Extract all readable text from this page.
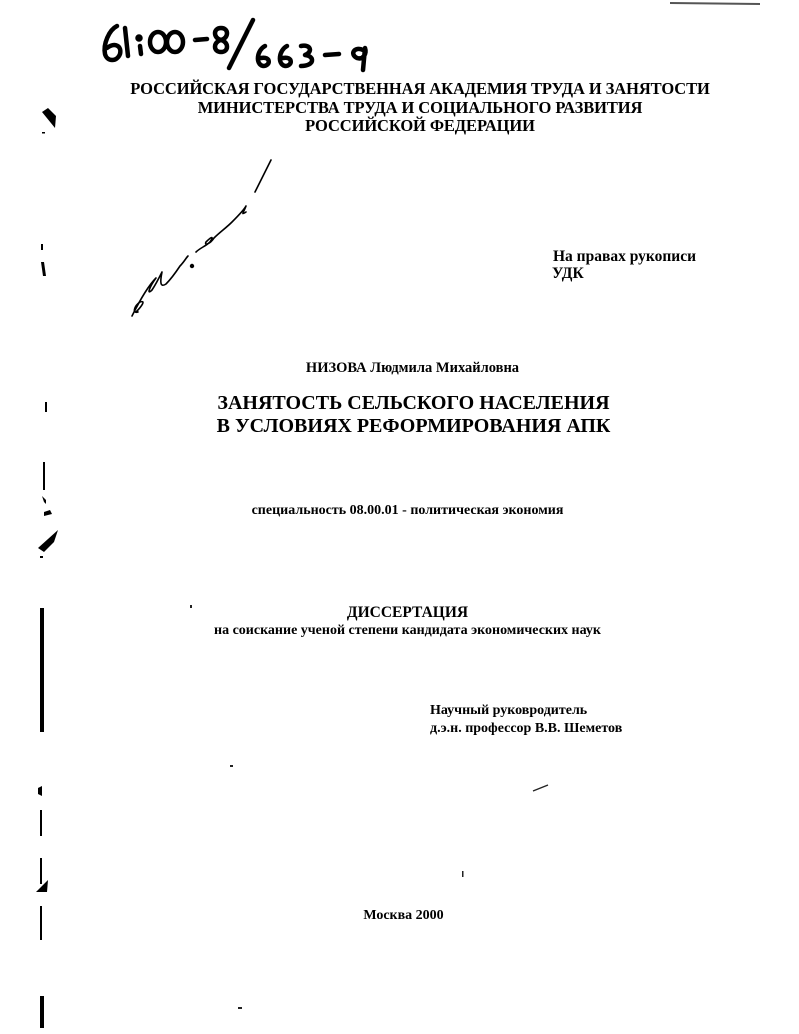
РОССИЙСКАЯ ГОСУДАРСТВЕННАЯ АКАДЕМИЯ ТРУДА И ЗАНЯТОСТИ
МИНИСТЕРСТВА ТРУДА И СОЦИАЛЬНОГО РАЗВИТИЯ
РОССИЙСКОЙ ФЕДЕРАЦИИ
На правах рукописи
УДК
НИЗОВА Людмила Михайловна
ЗАНЯТОСТЬ СЕЛЬСКОГО НАСЕЛЕНИЯ
В УСЛОВИЯХ РЕФОРМИРОВАНИЯ АПК
специальность 08.00.01 - политическая экономия
ДИССЕРТАЦИЯ
на соискание ученой степени кандидата экономических наук
Научный руковродитель
д.э.н. профессор В.В. Шеметов
Москва 2000
